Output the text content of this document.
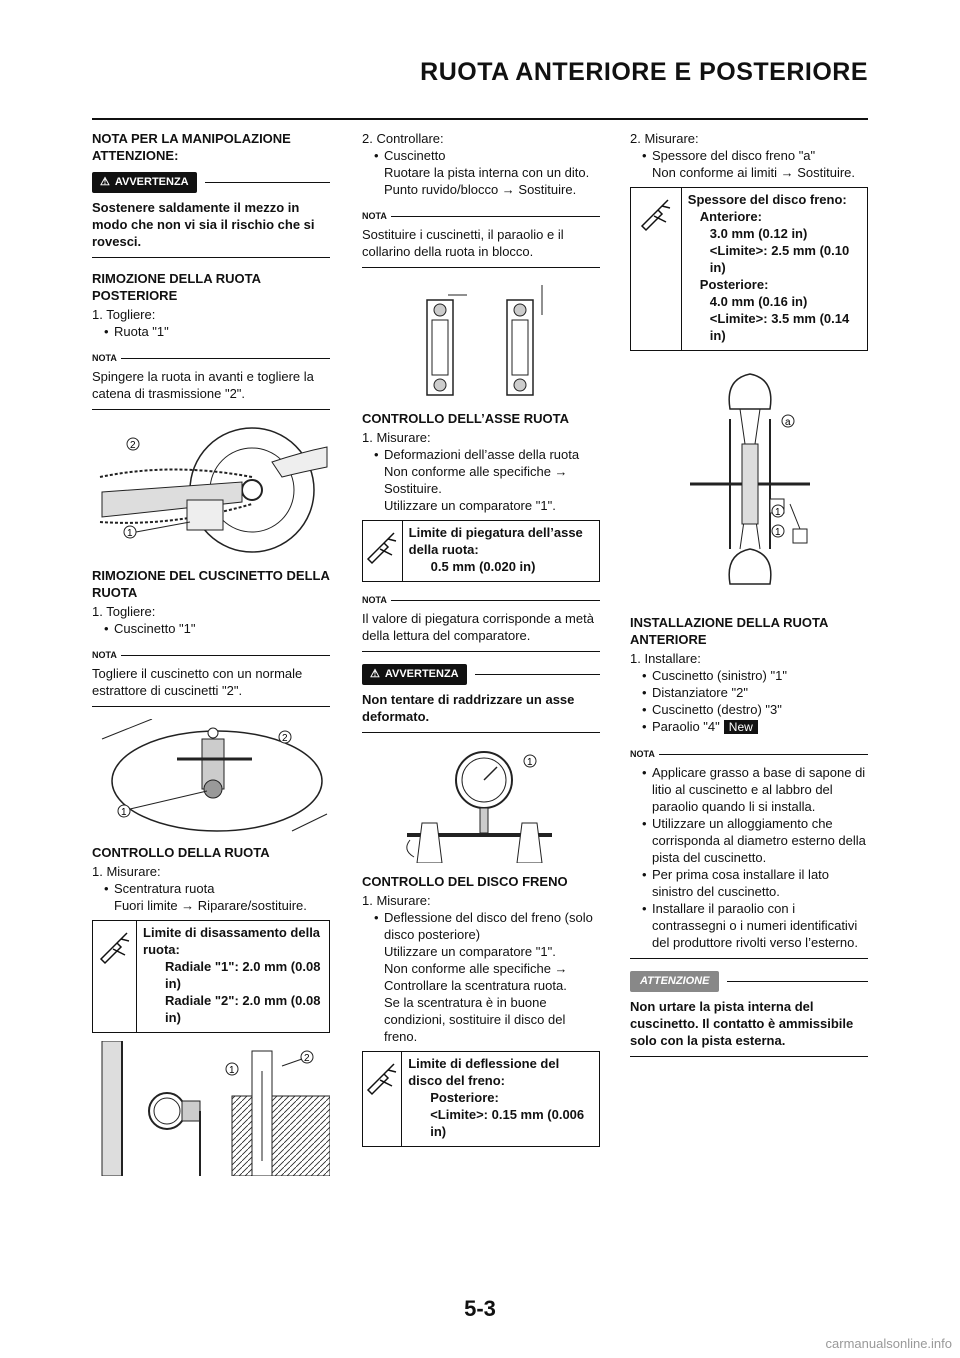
RUOTA ANTERIORE E POSTERIORE

NOTA PER LA MANIPOLAZIONE ATTENZIONE:

⚠ AVVERTENZA

Sostenere saldamente il mezzo in modo che non vi sia il rischio che si rovesci.

RIMOZIONE DELLA RUOTA POSTERIORE

1. Togliere:

• Ruota "1"

NOTA

Spingere la ruota in avanti e togliere la catena di trasmissione "2".

2
1

RIMOZIONE DEL CUSCINETTO DELLA RUOTA

1. Togliere:

• Cuscinetto "1"

NOTA

Togliere il cuscinetto con un normale estrattore di cuscinetti "2".

2
1

CONTROLLO DELLA RUOTA

1. Misurare:

• Scentratura ruota

Fuori limite → Riparare/sostituire.

Limite di disassamento della ruota:
Radiale "1": 2.0 mm (0.08 in)
Radiale "2": 2.0 mm (0.08 in)
1
2

2. Controllare:

• Cuscinetto

Ruotare la pista interna con un dito.

Punto ruvido/blocco → Sostituire.

NOTA

Sostituire i cuscinetti, il paraolio e il collarino della ruota in blocco.

CONTROLLO DELL’ASSE RUOTA

1. Misurare:

• Deformazioni dell’asse della ruota

Non conforme alle specifiche → Sostituire.

Utilizzare un comparatore "1".

Limite di piegatura dell’asse della ruota:
0.5 mm (0.020 in)
NOTA

Il valore di piegatura corrisponde a metà della lettura del comparatore.

⚠ AVVERTENZA

Non tentare di raddrizzare un asse deformato.

1

CONTROLLO DEL DISCO FRENO

1. Misurare:

• Deflessione del disco del freno (solo disco posteriore)

Utilizzare un comparatore "1".

Non conforme alle specifiche → Controllare la scentratura ruota.

Se la scentratura è in buone condizioni, sostituire il disco del freno.

Limite di deflessione del disco del freno:
Posteriore:
<Limite>: 0.15 mm (0.006 in)

2. Misurare:

• Spessore del disco freno "a"

Non conforme ai limiti → Sostituire.

Spessore del disco freno:
Anteriore:
3.0 mm (0.12 in)
<Limite>: 2.5 mm (0.10 in)
Posteriore:
4.0 mm (0.16 in)
<Limite>: 3.5 mm (0.14 in)
a
1
1

INSTALLAZIONE DELLA RUOTA ANTERIORE

1. Installare:

• Cuscinetto (sinistro) "1"

• Distanziatore "2"

• Cuscinetto (destro) "3"

• Paraolio "4" New

NOTA

• Applicare grasso a base di sapone di litio al cuscinetto e al labbro del paraolio quando li si installa.

• Utilizzare un alloggiamento che corrisponda al diametro esterno della pista del cuscinetto.

• Per prima cosa installare il lato sinistro del cuscinetto.

• Installare il paraolio con i contrassegni o i numeri identificativi del produttore rivolti verso l’esterno.

ATTENZIONE

Non urtare la pista interna del cuscinetto. Il contatto è ammissibile solo con la pista esterna.

5-3
carmanualsonline.info
